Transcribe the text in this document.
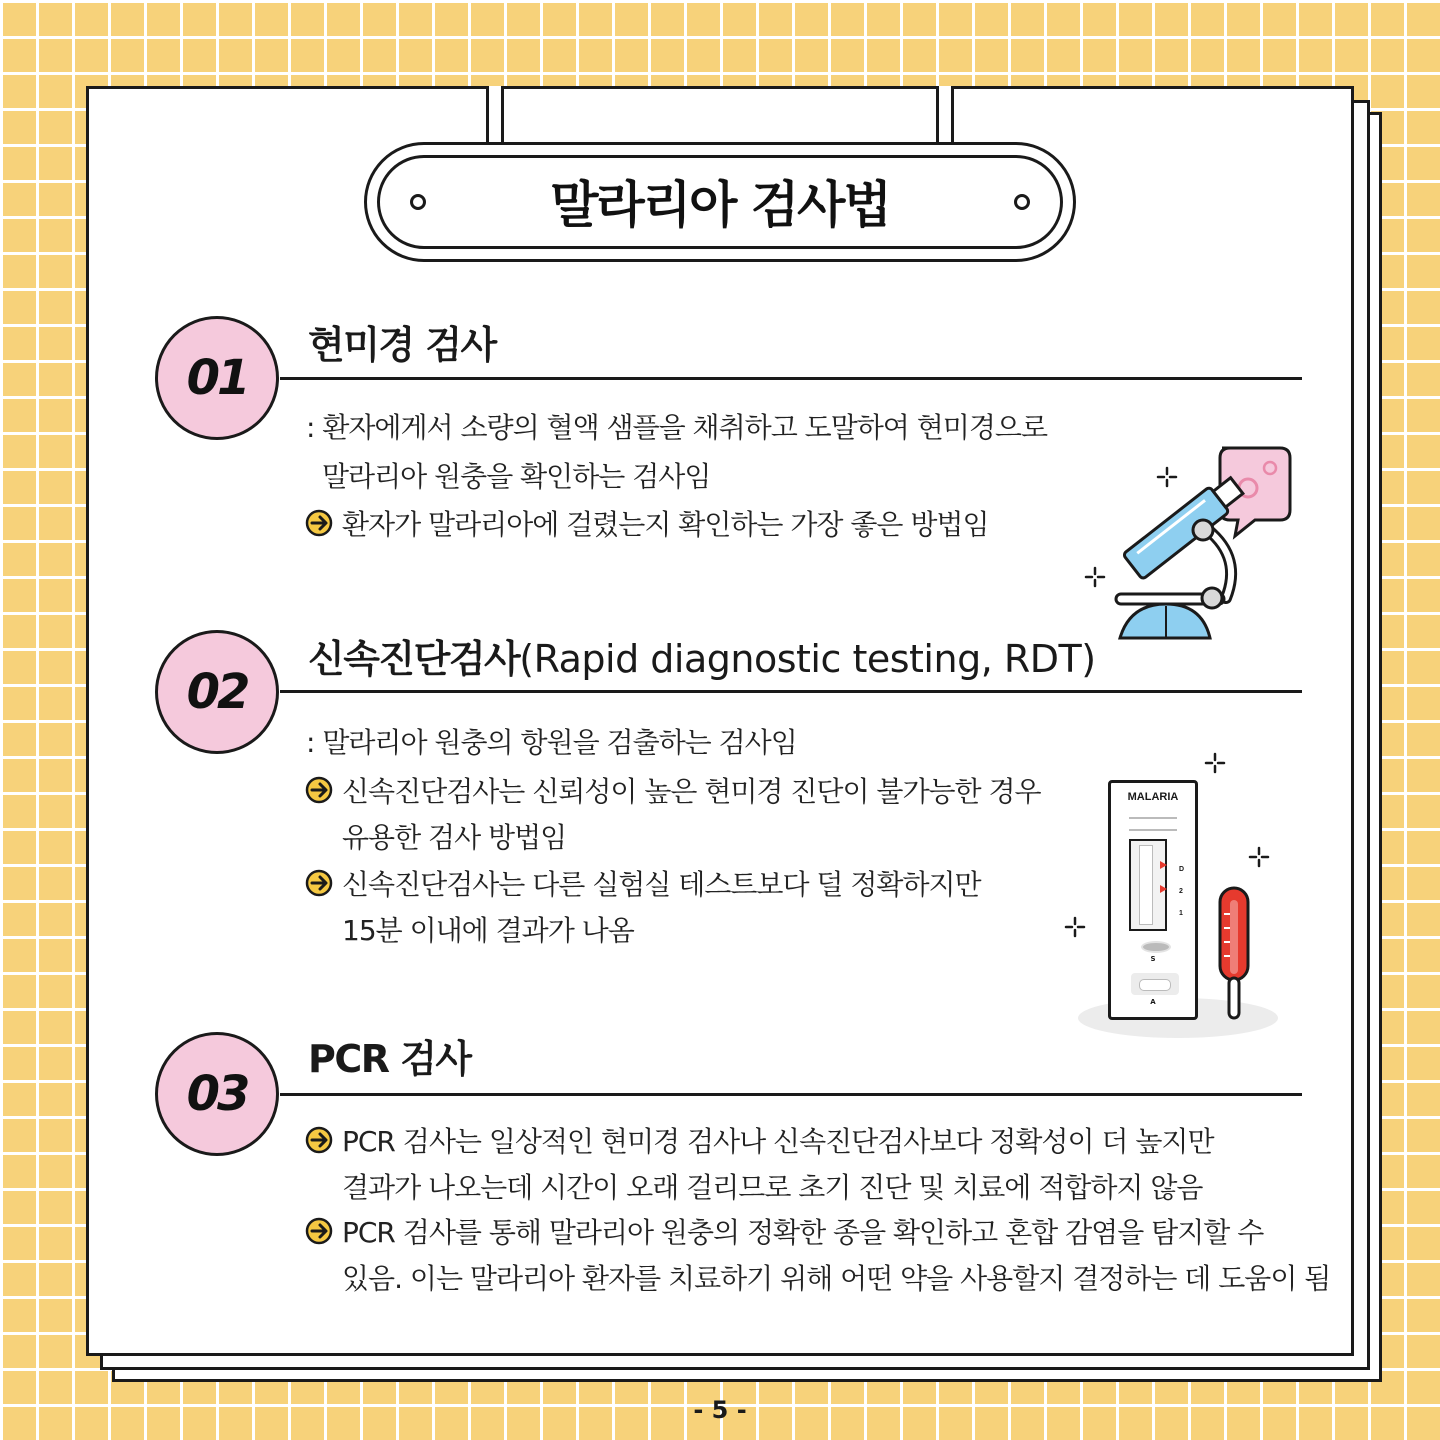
말라리아 검사법
01
현미경 검사
: 환자에게서 소량의 혈액 샘플을 채취하고 도말하여 현미경으로
말라리아 원충을 확인하는 검사임
환자가 말라리아에 걸렸는지 확인하는 가장 좋은 방법임
02
신속진단검사(Rapid diagnostic testing, RDT)
: 말라리아 원충의 항원을 검출하는 검사임
신속진단검사는 신뢰성이 높은 현미경 진단이 불가능한 경우
유용한 검사 방법임
신속진단검사는 다른 실험실 테스트보다 덜 정확하지만
15분 이내에 결과가 나옴
MALARIA
D
2
1
S
A
03
PCR 검사
PCR 검사는 일상적인 현미경 검사나 신속진단검사보다 정확성이 더 높지만
결과가 나오는데 시간이 오래 걸리므로 초기 진단 및 치료에 적합하지 않음
PCR 검사를 통해 말라리아 원충의 정확한 종을 확인하고 혼합 감염을 탐지할 수
있음. 이는 말라리아 환자를 치료하기 위해 어떤 약을 사용할지 결정하는 데 도움이 됨
- 5 -
